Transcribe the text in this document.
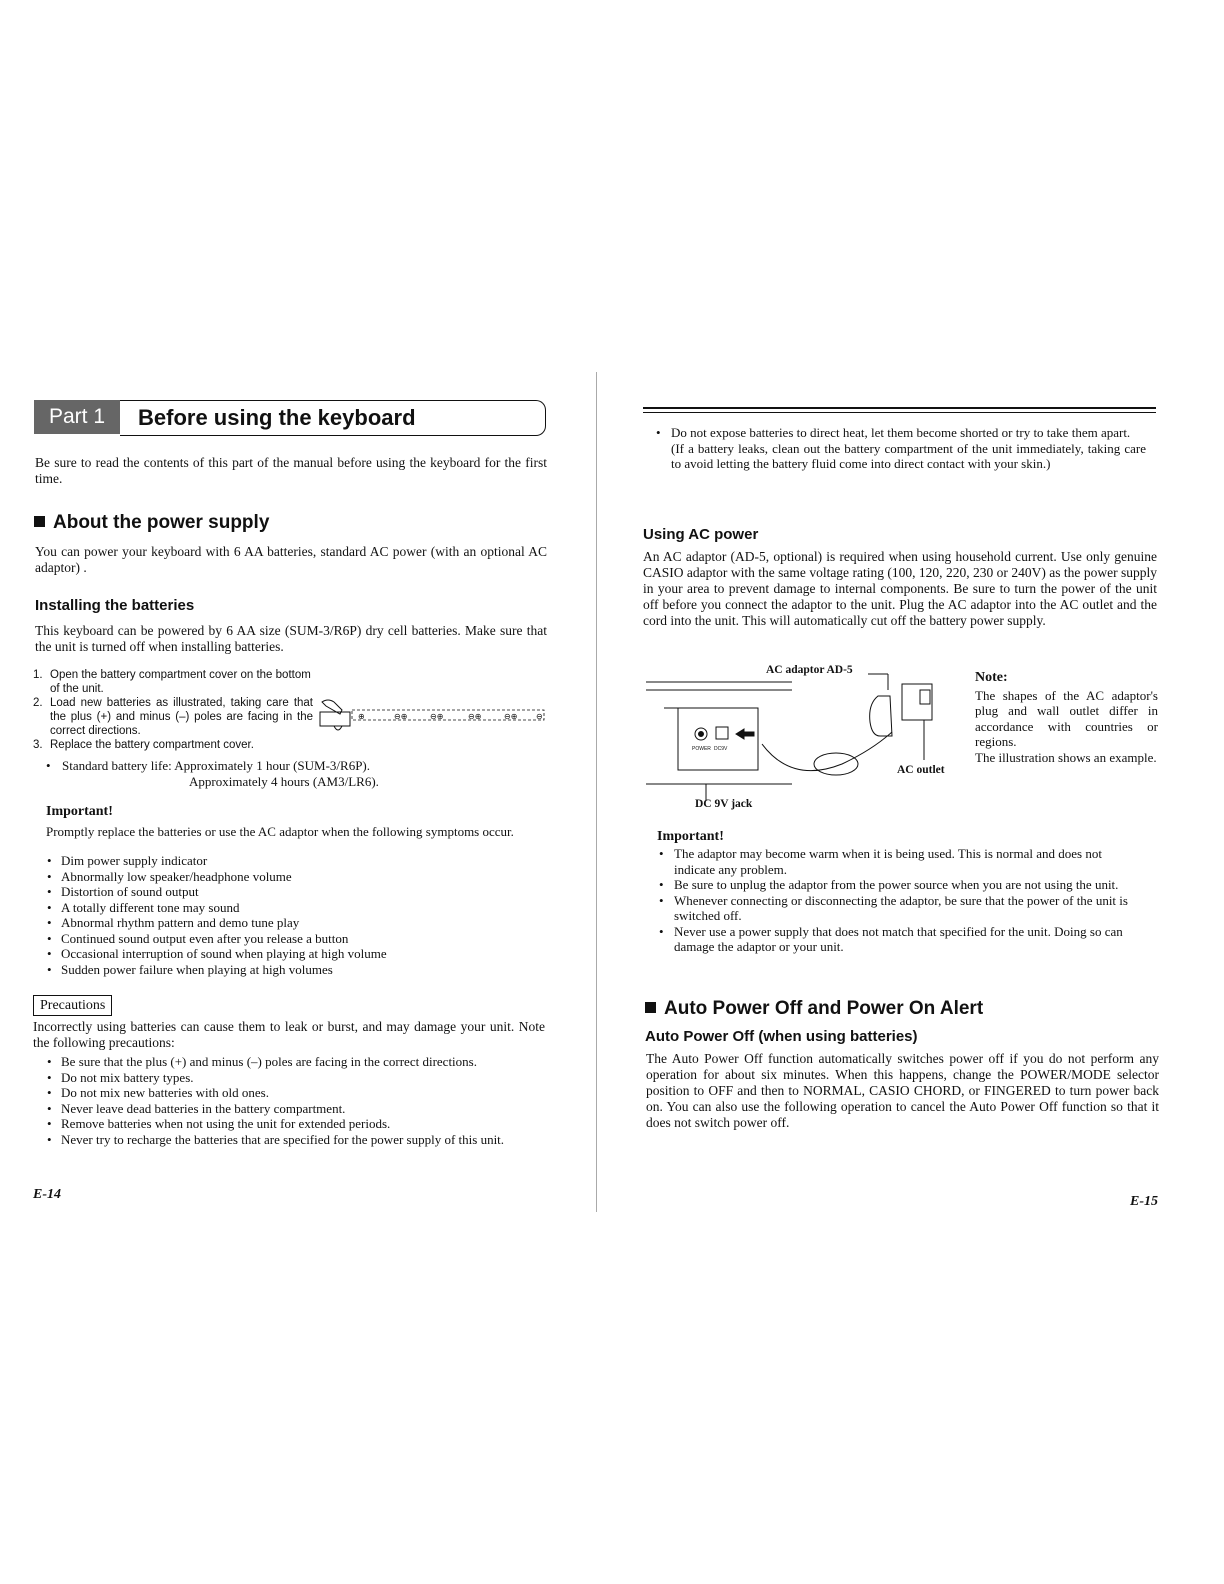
Part 1	Before using the keyboard
Be sure to read the contents of this part of the manual before using the keyboard for the first time.
About the power supply
You can power your keyboard with 6 AA batteries, standard AC power (with an optional AC adaptor) .
Installing the batteries
This keyboard can be powered by 6 AA size (SUM-3/R6P) dry cell batteries. Make sure that the unit is turned off when installing batteries.
1. Open the battery compartment cover on the bottom of the unit.
2. Load new batteries as illustrated, taking care that the plus (+) and minus (–) poles are facing in the correct directions.
3. Replace the battery compartment cover.
⊕	⊖⊕	⊖⊕	⊖⊕	⊖⊕ ⊖
• Standard battery life: Approximately 1 hour (SUM-3/R6P).
Approximately 4 hours (AM3/LR6).
Important!
Promptly replace the batteries or use the AC adaptor when the following symptoms occur.
• Dim power supply indicator
• Abnormally low speaker/headphone volume
• Distortion of sound output
• A totally different tone may sound
• Abnormal rhythm pattern and demo tune play
• Continued sound output even after you release a button
• Occasional interruption of sound when playing at high volume
• Sudden power failure when playing at high volumes
Precautions
Incorrectly using batteries can cause them to leak or burst, and may damage your unit. Note the following precautions:
• Be sure that the plus (+) and minus (–) poles are facing in the correct directions.
• Do not mix battery types.
• Do not mix new batteries with old ones.
• Never leave dead batteries in the battery compartment.
• Remove batteries when not using the unit for extended periods.
• Never try to recharge the batteries that are specified for the power supply of this unit.
E-14
• Do not expose batteries to direct heat, let them become shorted or try to take them apart.
(If a battery leaks, clean out the battery compartment of the unit immediately, taking care to avoid letting the battery fluid come into direct contact with your skin.)
Using AC power
An AC adaptor (AD-5, optional) is required when using household current. Use only genuine CASIO adaptor with the same voltage rating (100, 120, 220, 230 or 240V) as the power supply in your area to prevent damage to internal components. Be sure to turn the power of the unit off before you connect the adaptor to the unit. Plug the AC adaptor into the AC outlet and the cord into the unit. This will automatically cut off the battery power supply.
POWER DC9V
AC adaptor AD-5
AC outlet
DC 9V jack
Note:
The shapes of the AC adaptor's plug and wall outlet differ in accordance with countries or regions.
The illustration shows an example.
Important!
• The adaptor may become warm when it is being used. This is normal and does not indicate any problem.
• Be sure to unplug the adaptor from the power source when you are not using the unit.
• Whenever connecting or disconnecting the adaptor, be sure that the power of the unit is switched off.
• Never use a power supply that does not match that specified for the unit. Doing so can damage the adaptor or your unit.
Auto Power Off and Power On Alert
Auto Power Off (when using batteries)
The Auto Power Off function automatically switches power off if you do not perform any operation for about six minutes. When this happens, change the POWER/MODE selector position to OFF and then to NORMAL, CASIO CHORD, or FINGERED to turn power back on. You can also use the following operation to cancel the Auto Power Off function so that it does not switch power off.
E-15
